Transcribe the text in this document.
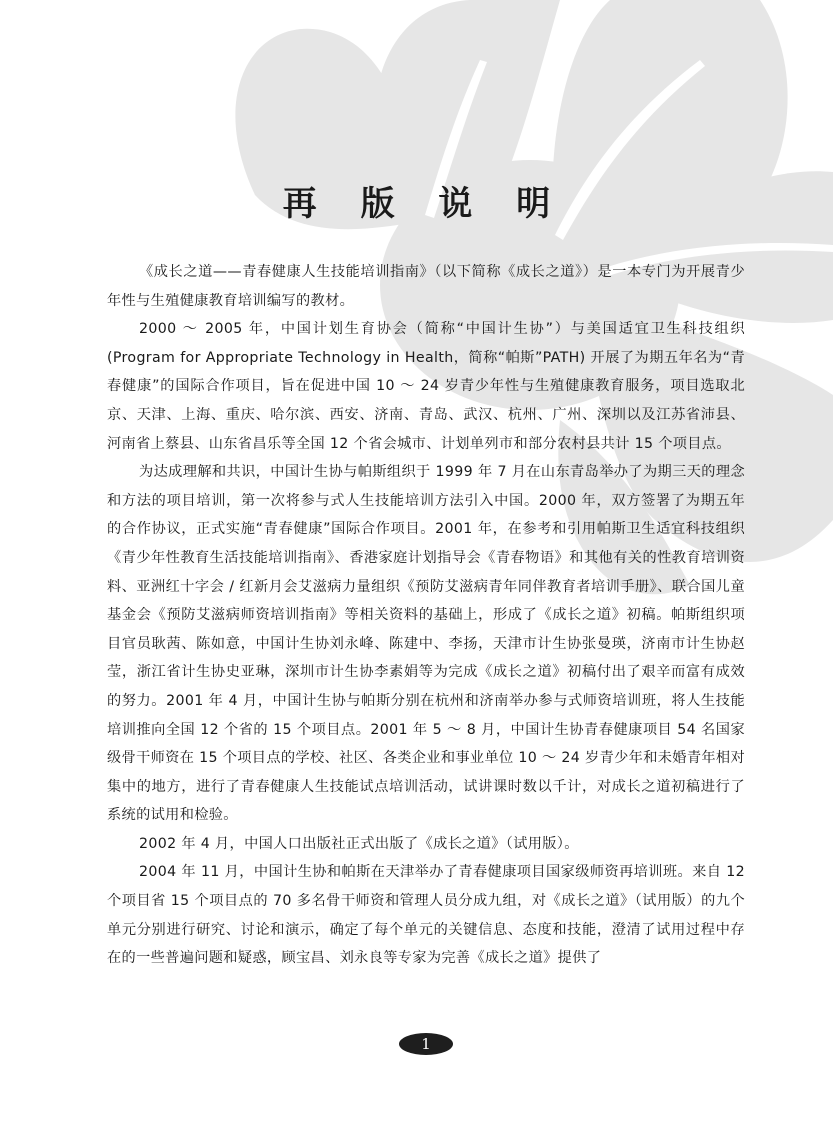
再 版 说 明

《成长之道——青春健康人生技能培训指南》（以下简称《成长之道》）是一本专门为开展青少年性与生殖健康教育培训编写的教材。

2000 ～ 2005 年，中国计划生育协会（简称“中国计生协”）与美国适宜卫生科技组织 (Program for Appropriate Technology in Health，简称“帕斯”PATH) 开展了为期五年名为“青春健康”的国际合作项目，旨在促进中国 10 ～ 24 岁青少年性与生殖健康教育服务，项目选取北京、天津、上海、重庆、哈尔滨、西安、济南、青岛、武汉、杭州、广州、深圳以及江苏省沛县、河南省上蔡县、山东省昌乐等全国 12 个省会城市、计划单列市和部分农村县共计 15 个项目点。

为达成理解和共识，中国计生协与帕斯组织于 1999 年 7 月在山东青岛举办了为期三天的理念和方法的项目培训，第一次将参与式人生技能培训方法引入中国。2000 年，双方签署了为期五年的合作协议，正式实施“青春健康”国际合作项目。2001 年，在参考和引用帕斯卫生适宜科技组织《青少年性教育生活技能培训指南》、香港家庭计划指导会《青春物语》和其他有关的性教育培训资料、亚洲红十字会 / 红新月会艾滋病力量组织《预防艾滋病青年同伴教育者培训手册》、联合国儿童基金会《预防艾滋病师资培训指南》等相关资料的基础上，形成了《成长之道》初稿。帕斯组织项目官员耿茜、陈如意，中国计生协刘永峰、陈建中、李扬，天津市计生协张曼瑛，济南市计生协赵莹，浙江省计生协史亚琳，深圳市计生协李素娟等为完成《成长之道》初稿付出了艰辛而富有成效的努力。2001 年 4 月，中国计生协与帕斯分别在杭州和济南举办参与式师资培训班，将人生技能培训推向全国 12 个省的 15 个项目点。2001 年 5 ～ 8 月，中国计生协青春健康项目 54 名国家级骨干师资在 15 个项目点的学校、社区、各类企业和事业单位 10 ～ 24 岁青少年和未婚青年相对集中的地方，进行了青春健康人生技能试点培训活动，试讲课时数以千计，对成长之道初稿进行了系统的试用和检验。

2002 年 4 月，中国人口出版社正式出版了《成长之道》（试用版）。

2004 年 11 月，中国计生协和帕斯在天津举办了青春健康项目国家级师资再培训班。来自 12 个项目省 15 个项目点的 70 多名骨干师资和管理人员分成九组，对《成长之道》（试用版）的九个单元分别进行研究、讨论和演示，确定了每个单元的关键信息、态度和技能，澄清了试用过程中存在的一些普遍问题和疑惑，顾宝昌、刘永良等专家为完善《成长之道》提供了

1
